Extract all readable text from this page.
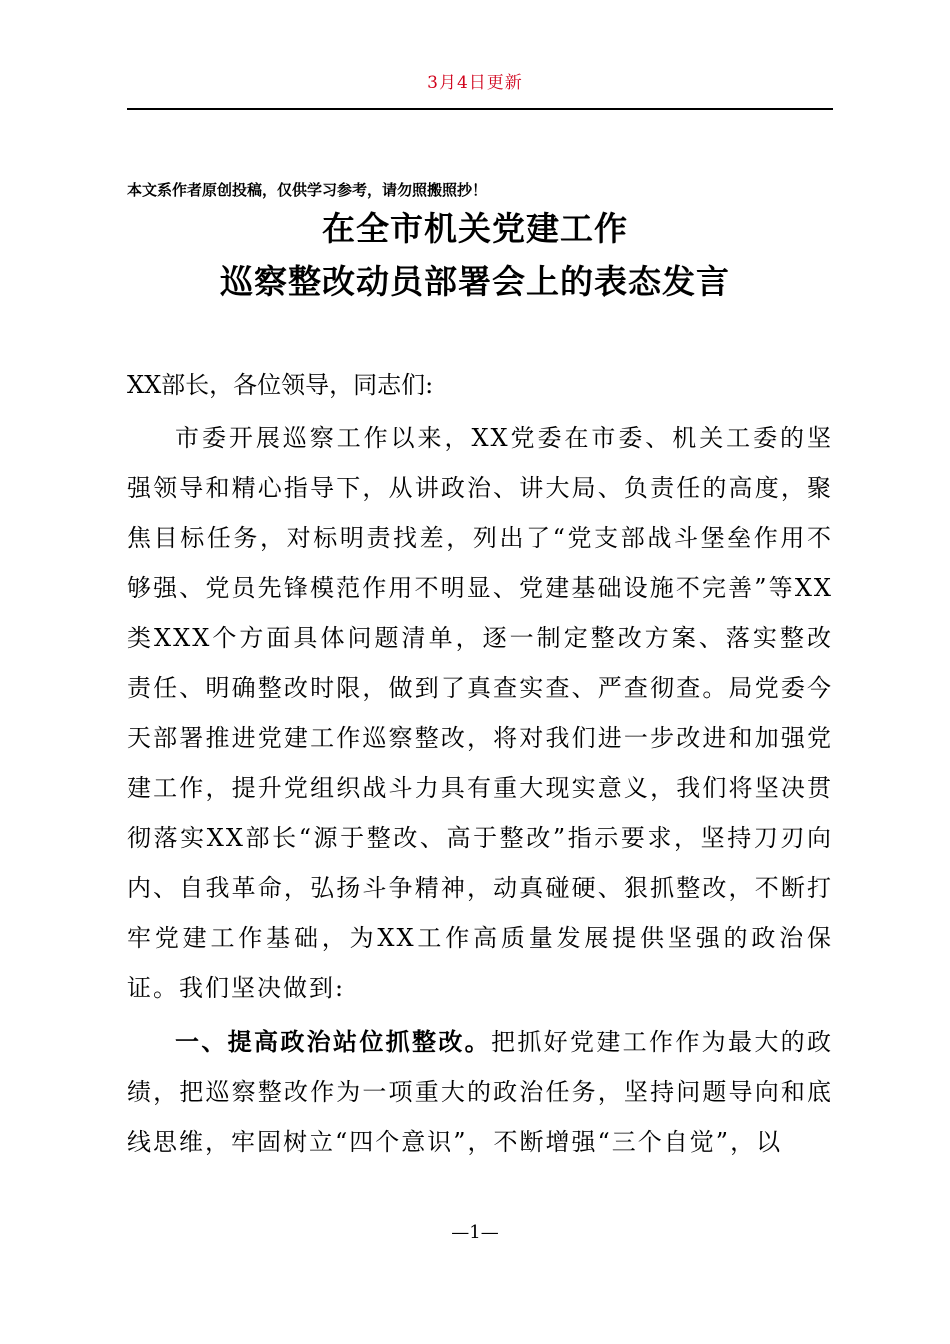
3月4日更新
本文系作者原创投稿，仅供学习参考，请勿照搬照抄！
在全市机关党建工作
巡察整改动员部署会上的表态发言

XX部长，各位领导，同志们:

市委开展巡察工作以来，XX党委在市委、机关工委的坚强领导和精心指导下，从讲政治、讲大局、负责任的高度，聚焦目标任务，对标明责找差，列出了“党支部战斗堡垒作用不够强、党员先锋模范作用不明显、党建基础设施不完善”等XX类XXX个方面具体问题清单，逐一制定整改方案、落实整改责任、明确整改时限，做到了真查实查、严查彻查。局党委今天部署推进党建工作巡察整改，将对我们进一步改进和加强党建工作，提升党组织战斗力具有重大现实意义，我们将坚决贯彻落实XX部长“源于整改、高于整改”指示要求，坚持刀刃向内、自我革命，弘扬斗争精神，动真碰硬、狠抓整改，不断打牢党建工作基础，为XX工作高质量发展提供坚强的政治保证。我们坚决做到:

一、提高政治站位抓整改。把抓好党建工作作为最大的政绩，把巡察整改作为一项重大的政治任务，坚持问题导向和底线思维，牢固树立“四个意识”，不断增强“三个自觉”，以

—1—
